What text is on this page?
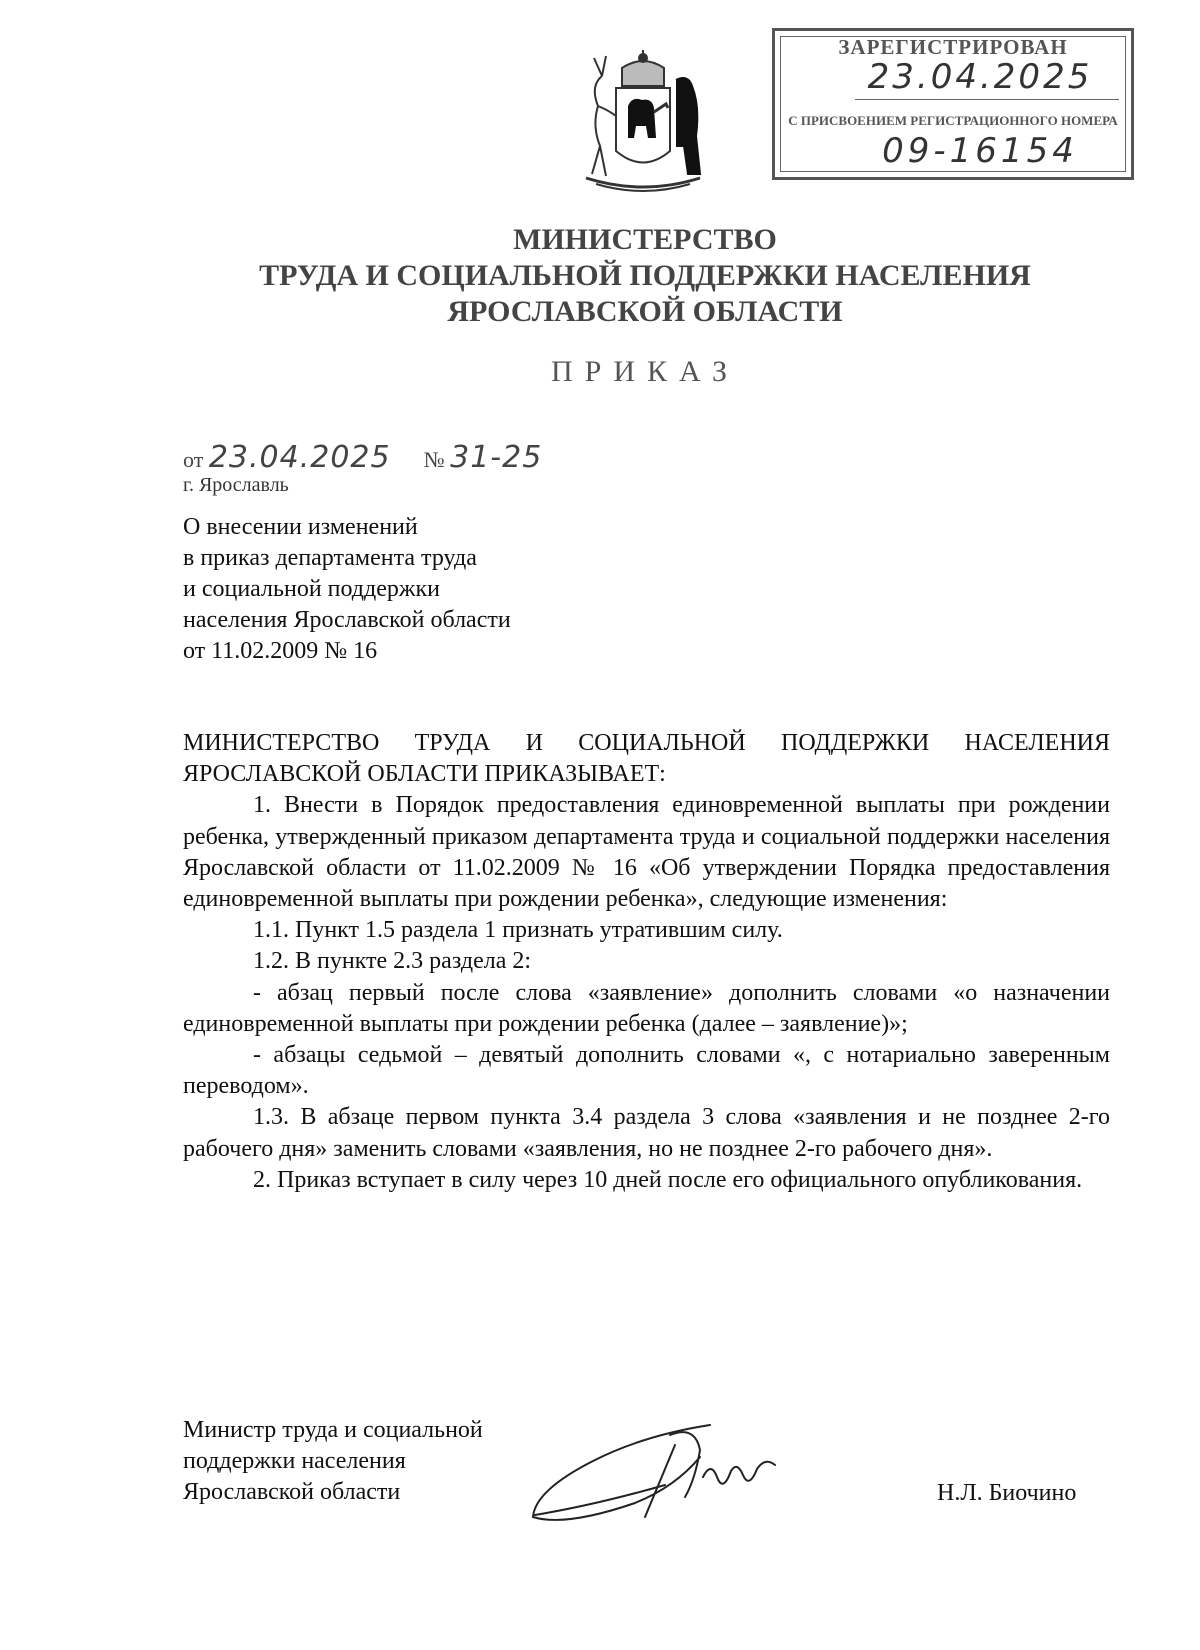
ЗАРЕГИСТРИРОВАН
23.04.2025
С ПРИСВОЕНИЕМ РЕГИСТРАЦИОННОГО НОМЕРА
09-16154
МИНИСТЕРСТВО
ТРУДА И СОЦИАЛЬНОЙ ПОДДЕРЖКИ НАСЕЛЕНИЯ
ЯРОСЛАВСКОЙ ОБЛАСТИ
ПРИКАЗ
от 23.04.2025 № 31-25
г. Ярославль
О внесении изменений
в приказ департамента труда
и социальной поддержки
населения Ярославской области
от 11.02.2009 № 16

МИНИСТЕРСТВО ТРУДА И СОЦИАЛЬНОЙ ПОДДЕРЖКИ НАСЕЛЕНИЯ ЯРОСЛАВСКОЙ ОБЛАСТИ ПРИКАЗЫВАЕТ:

1. Внести в Порядок предоставления единовременной выплаты при рождении ребенка, утвержденный приказом департамента труда и социальной поддержки населения Ярославской области от 11.02.2009 № 16 «Об утверждении Порядка предоставления единовременной выплаты при рождении ребенка», следующие изменения:

1.1. Пункт 1.5 раздела 1 признать утратившим силу.

1.2. В пункте 2.3 раздела 2:

- абзац первый после слова «заявление» дополнить словами «о назначении единовременной выплаты при рождении ребенка (далее – заявление)»;

- абзацы седьмой – девятый дополнить словами «, с нотариально заверенным переводом».

1.3. В абзаце первом пункта 3.4 раздела 3 слова «заявления и не позднее 2-го рабочего дня» заменить словами «заявления, но не позднее 2-го рабочего дня».

2. Приказ вступает в силу через 10 дней после его официального опубликования.

Министр труда и социальной
поддержки населения
Ярославской области	Н.Л. Биочино
